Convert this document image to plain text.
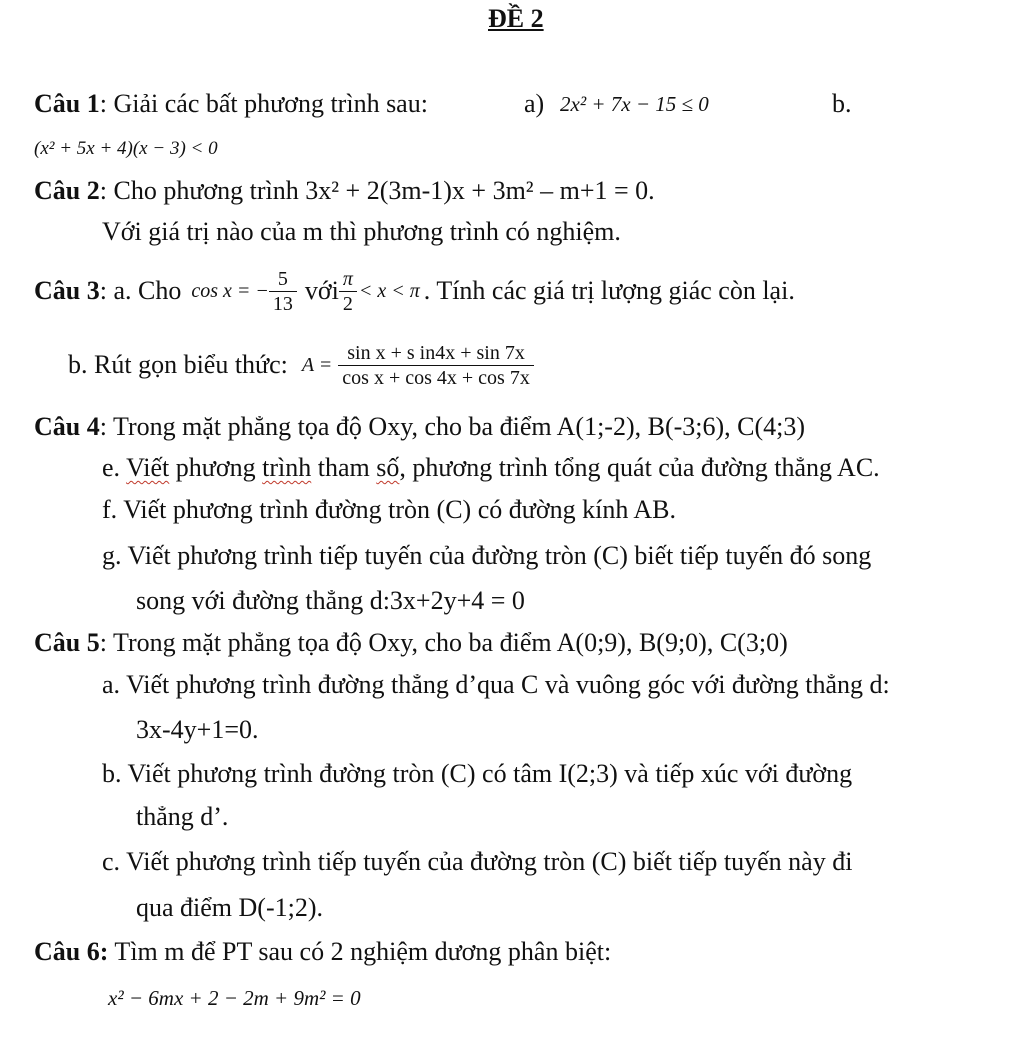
ĐỀ 2
Câu 1: Giải các bất phương trình sau:	a) 2x² + 7x − 15 ≤ 0	b.
(x² + 5x + 4)(x − 3) < 0
Câu 2: Cho phương trình 3x² + 2(3m-1)x + 3m² – m+1 = 0.
Với giá trị nào của m thì phương trình có nghiệm.
Câu 3 : a. Cho cos x = − $\frac{5}{13}$ với $\frac{\pi}{2} < x < \pi$ . Tính các giá trị lượng giác còn lại.
b. Rút gọn biểu thức: $A = \frac{\text{sin x + s in4x + sin 7x}}{\text{cos x + cos 4x + cos 7x}}$
Câu 4: Trong mặt phẳng tọa độ Oxy, cho ba điểm A(1;-2), B(-3;6), C(4;3)
e. Viết phương trình tham số, phương trình tổng quát của đường thẳng AC.
f. Viết phương trình đường tròn (C) có đường kính AB.
g. Viết phương trình tiếp tuyến của đường tròn (C) biết tiếp tuyến đó song
song với đường thẳng d:3x+2y+4 = 0
Câu 5: Trong mặt phẳng tọa độ Oxy, cho ba điểm A(0;9), B(9;0), C(3;0)
a. Viết phương trình đường thẳng d’qua C và vuông góc với đường thẳng d:
3x-4y+1=0.
b. Viết phương trình đường tròn (C) có tâm I(2;3) và tiếp xúc với đường
thẳng d’.
c. Viết phương trình tiếp tuyến của đường tròn (C) biết tiếp tuyến này đi
qua điểm D(-1;2).
Câu 6: Tìm m để PT sau có 2 nghiệm dương phân biệt:
x² − 6mx + 2 − 2m + 9m² = 0
